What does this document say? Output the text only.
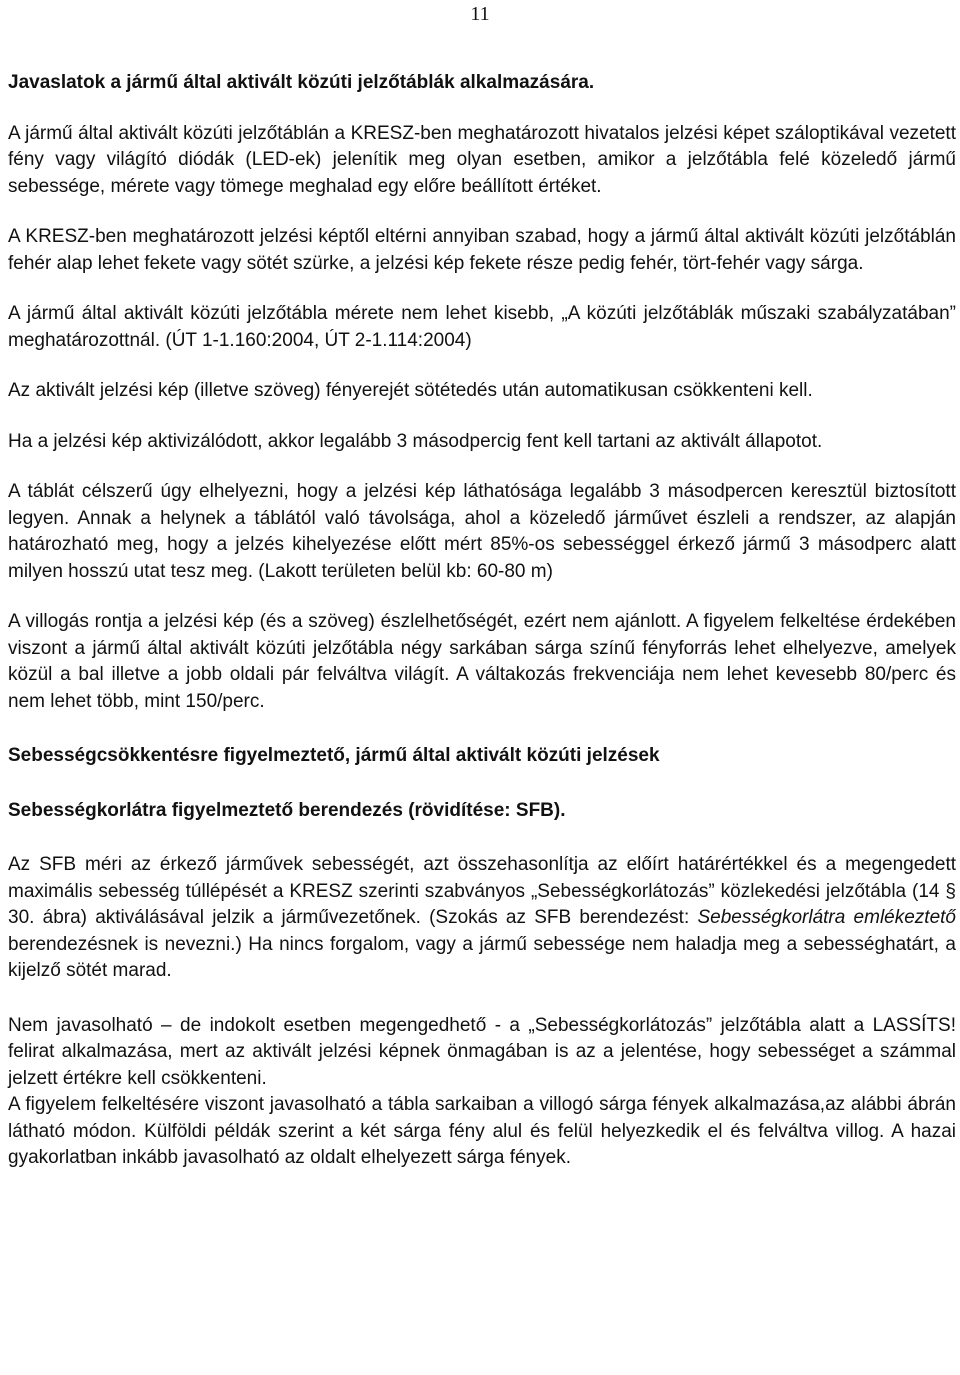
11

Javaslatok a jármű által aktivált közúti jelzőtáblák alkalmazására.

A jármű által aktivált közúti jelzőtáblán a KRESZ-ben meghatározott hivatalos jelzési képet száloptikával vezetett fény vagy világító diódák (LED-ek) jelenítik meg olyan esetben, amikor a jelzőtábla felé közeledő jármű sebessége, mérete vagy tömege meghalad egy előre beállított értéket.

A KRESZ-ben meghatározott jelzési képtől eltérni annyiban szabad, hogy a jármű által aktivált közúti jelzőtáblán fehér alap lehet fekete vagy sötét szürke, a jelzési kép fekete része pedig fehér, tört-fehér vagy sárga.

A jármű által aktivált közúti jelzőtábla mérete nem lehet kisebb, „A közúti jelzőtáblák műszaki szabályzatában” meghatározottnál. (ÚT 1-1.160:2004, ÚT 2-1.114:2004)

Az aktivált jelzési kép (illetve szöveg) fényerejét sötétedés után automatikusan csökkenteni kell.

Ha a jelzési kép aktivizálódott, akkor legalább 3 másodpercig fent kell tartani az aktivált állapotot.

A táblát célszerű úgy elhelyezni, hogy a jelzési kép láthatósága legalább 3 másodpercen keresztül biztosított legyen. Annak a helynek a táblától való távolsága, ahol a közeledő járművet észleli a rendszer, az alapján határozható meg, hogy a jelzés kihelyezése előtt mért 85%-os sebességgel érkező jármű 3 másodperc alatt milyen hosszú utat tesz meg. (Lakott területen belül kb: 60-80 m)

A villogás rontja a jelzési kép (és a szöveg) észlelhetőségét, ezért nem ajánlott. A figyelem felkeltése érdekében viszont a jármű által aktivált közúti jelzőtábla négy sarkában sárga színű fényforrás lehet elhelyezve, amelyek közül a bal illetve a jobb oldali pár felváltva világít. A váltakozás frekvenciája nem lehet kevesebb 80/perc és nem lehet több, mint 150/perc.

Sebességcsökkentésre figyelmeztető, jármű által aktivált közúti jelzések

Sebességkorlátra figyelmeztető berendezés (rövidítése: SFB).

Az SFB méri az érkező járművek sebességét, azt összehasonlítja az előírt határértékkel és a megengedett maximális sebesség túllépését a KRESZ szerinti szabványos „Sebességkorlátozás” közlekedési jelzőtábla (14 § 30. ábra) aktiválásával jelzik a járművezetőnek. (Szokás az SFB berendezést: Sebességkorlátra emlékeztető berendezésnek is nevezni.) Ha nincs forgalom, vagy a jármű sebessége nem haladja meg a sebességhatárt, a kijelző sötét marad.

Nem javasolható – de indokolt esetben megengedhető - a „Sebességkorlátozás” jelzőtábla alatt a LASSÍTS! felirat alkalmazása, mert az aktivált jelzési képnek önmagában is az a jelentése, hogy sebességet a számmal jelzett értékre kell csökkenteni.

A figyelem felkeltésére viszont javasolható a tábla sarkaiban a villogó sárga fények alkalmazása,az alábbi ábrán látható módon. Külföldi példák szerint a két sárga fény alul és felül helyezkedik el és felváltva villog. A hazai gyakorlatban inkább javasolható az oldalt elhelyezett sárga fények.
